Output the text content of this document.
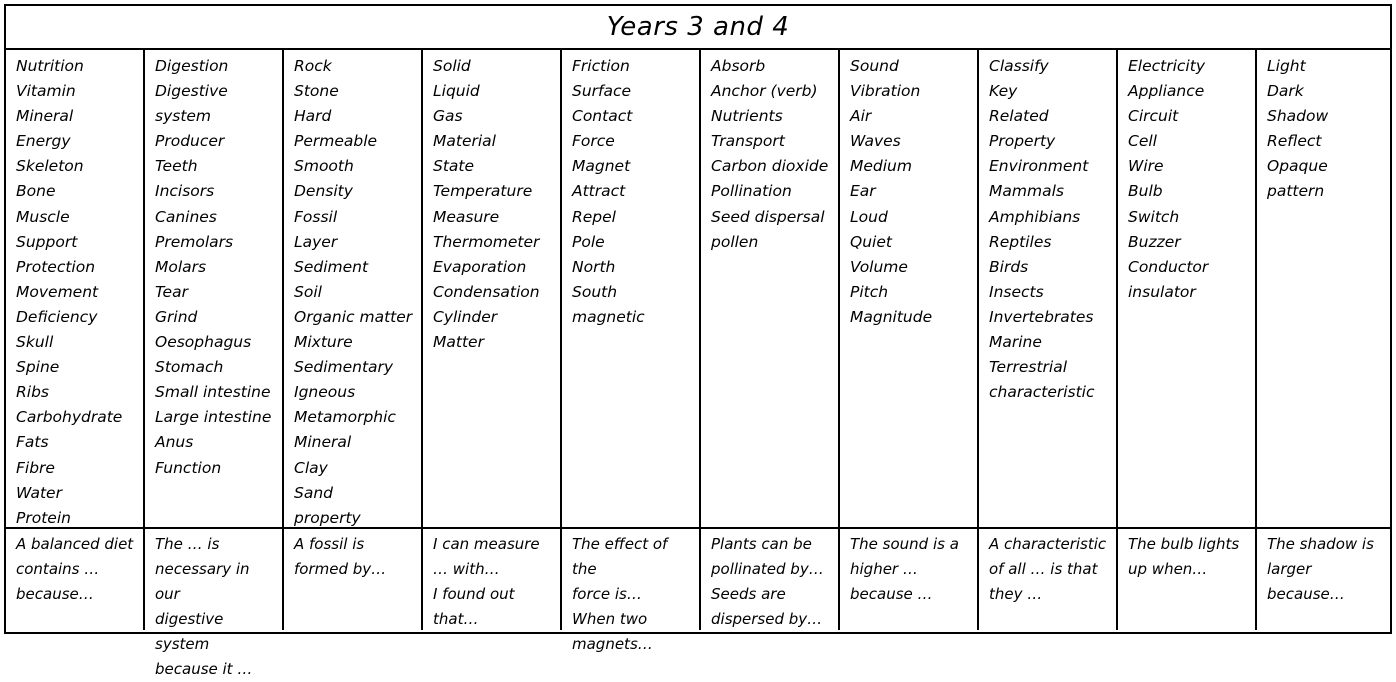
Years 3 and 4
Nutrition
Vitamin
Mineral
Energy
Skeleton
Bone
Muscle
Support
Protection
Movement
Deficiency
Skull
Spine
Ribs
Carbohydrate
Fats
Fibre
Water
Protein
Digestion
Digestive
system
Producer
Teeth
Incisors
Canines
Premolars
Molars
Tear
Grind
Oesophagus
Stomach
Small intestine
Large intestine
Anus
Function
Rock
Stone
Hard
Permeable
Smooth
Density
Fossil
Layer
Sediment
Soil
Organic matter
Mixture
Sedimentary
Igneous
Metamorphic
Mineral
Clay
Sand
property
Solid
Liquid
Gas
Material
State
Temperature
Measure
Thermometer
Evaporation
Condensation
Cylinder
Matter
Friction
Surface
Contact
Force
Magnet
Attract
Repel
Pole
North
South
magnetic
Absorb
Anchor (verb)
Nutrients
Transport
Carbon dioxide
Pollination
Seed dispersal
pollen
Sound
Vibration
Air
Waves
Medium
Ear
Loud
Quiet
Volume
Pitch
Magnitude
Classify
Key
Related
Property
Environment
Mammals
Amphibians
Reptiles
Birds
Insects
Invertebrates
Marine
Terrestrial
characteristic
Electricity
Appliance
Circuit
Cell
Wire
Bulb
Switch
Buzzer
Conductor
insulator
Light
Dark
Shadow
Reflect
Opaque
pattern
A balanced diet
contains …
because…
The … is
necessary in our
digestive system
because it …
A fossil is
formed by…
I can measure
… with…
I found out
that…
The effect of the
force is…
When two
magnets…
Plants can be
pollinated by…
Seeds are
dispersed by…
The sound is a
higher …
because …
A characteristic
of all … is that
they …
The bulb lights
up when…
The shadow is
larger
because…
